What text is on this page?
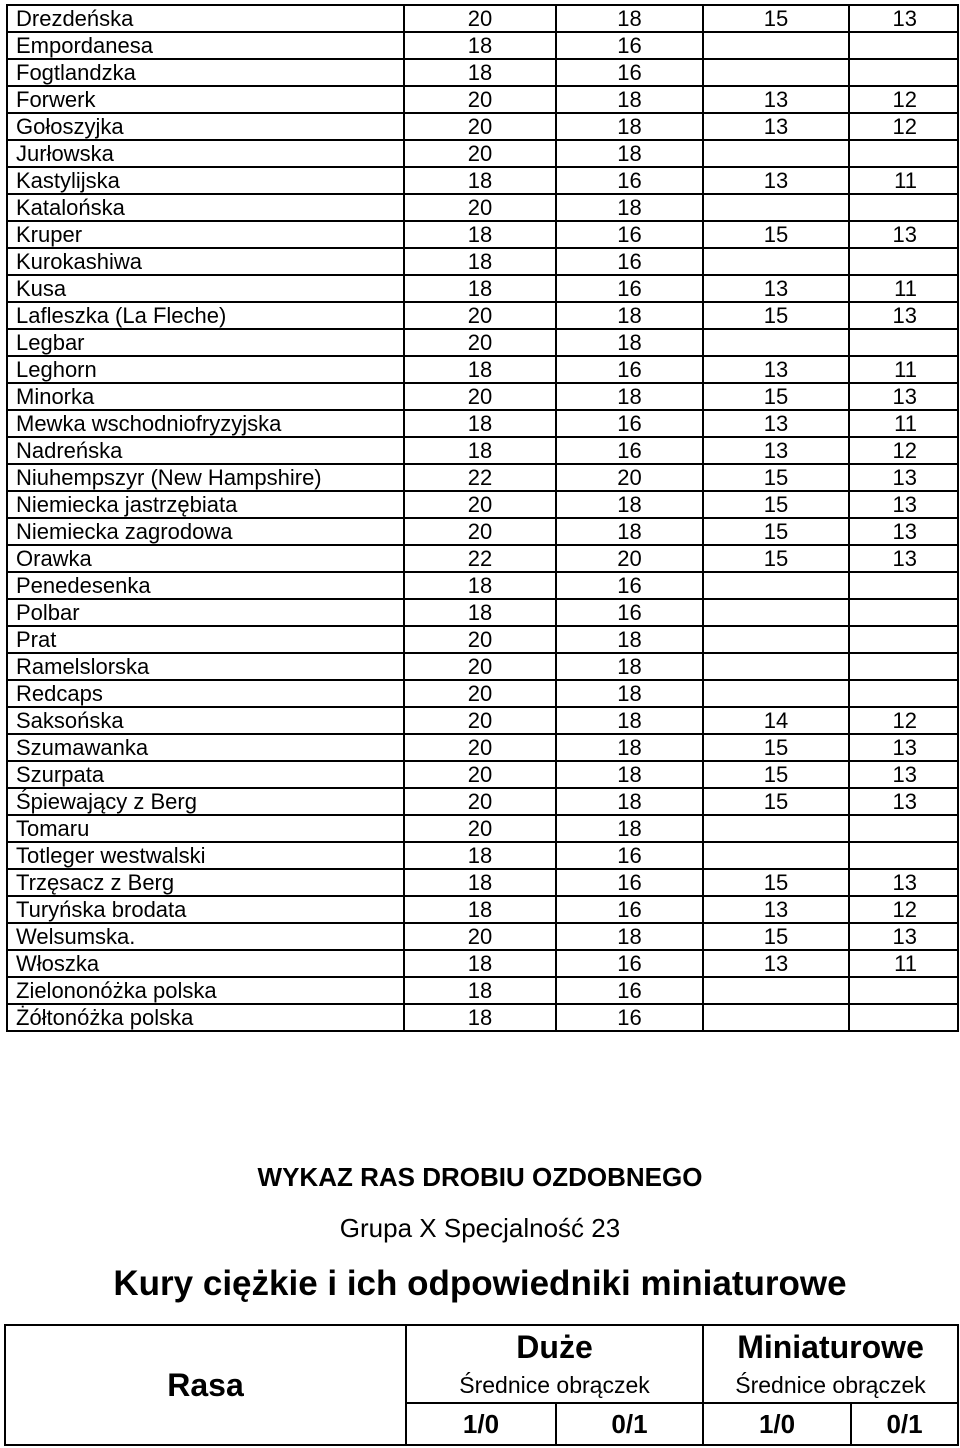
Drezdeńska	20	18	15	13
Empordanesa	18	16		
Fogtlandzka	18	16		
Forwerk	20	18	13	12
Gołoszyjka	20	18	13	12
Jurłowska	20	18		
Kastylijska	18	16	13	11
Katalońska	20	18		
Kruper	18	16	15	13
Kurokashiwa	18	16		
Kusa	18	16	13	11
Lafleszka (La Fleche)	20	18	15	13
Legbar	20	18		
Leghorn	18	16	13	11
Minorka	20	18	15	13
Mewka wschodniofryzyjska	18	16	13	11
Nadreńska	18	16	13	12
Niuhempszyr (New Hampshire)	22	20	15	13
Niemiecka jastrzębiata	20	18	15	13
Niemiecka zagrodowa	20	18	15	13
Orawka	22	20	15	13
Penedesenka	18	16		
Polbar	18	16		
Prat	20	18		
Ramelslorska	20	18		
Redcaps	20	18		
Saksońska	20	18	14	12
Szumawanka	20	18	15	13
Szurpata	20	18	15	13
Śpiewający z Berg	20	18	15	13
Tomaru	20	18		
Totleger westwalski	18	16		
Trzęsacz z Berg	18	16	15	13
Turyńska brodata	18	16	13	12
Welsumska.	20	18	15	13
Włoszka	18	16	13	11
Zielononóżka polska	18	16		
Żółtonóżka polska	18	16		
WYKAZ RAS DROBIU OZDOBNEGO
Grupa X Specjalność 23
Kury ciężkie i ich odpowiedniki miniaturowe
Rasa	Duże		Miniaturowe	
	Średnice obrączek		Średnice obrączek	
	1/0	0/1	1/0	0/1
